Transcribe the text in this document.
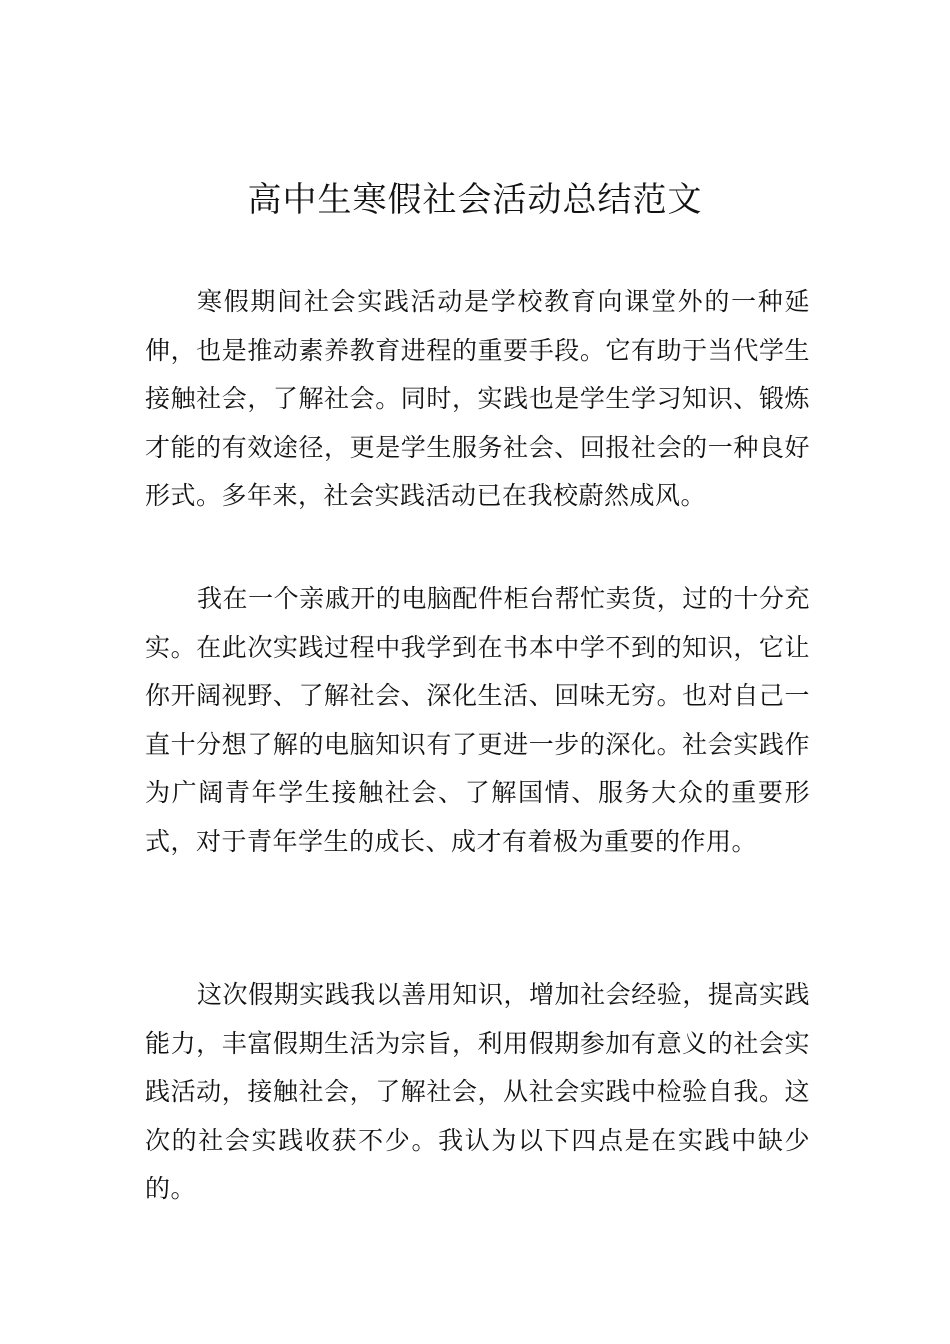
高中生寒假社会活动总结范文

寒假期间社会实践活动是学校教育向课堂外的一种延伸，也是推动素养教育进程的重要手段。它有助于当代学生接触社会，了解社会。同时，实践也是学生学习知识、锻炼才能的有效途径，更是学生服务社会、回报社会的一种良好形式。多年来，社会实践活动已在我校蔚然成风。

我在一个亲戚开的电脑配件柜台帮忙卖货，过的十分充实。在此次实践过程中我学到在书本中学不到的知识，它让你开阔视野、了解社会、深化生活、回味无穷。也对自己一直十分想了解的电脑知识有了更进一步的深化。社会实践作为广阔青年学生接触社会、了解国情、服务大众的重要形式，对于青年学生的成长、成才有着极为重要的作用。

这次假期实践我以善用知识，增加社会经验，提高实践能力，丰富假期生活为宗旨，利用假期参加有意义的社会实践活动，接触社会，了解社会，从社会实践中检验自我。这次的社会实践收获不少。我认为以下四点是在实践中缺少的。
